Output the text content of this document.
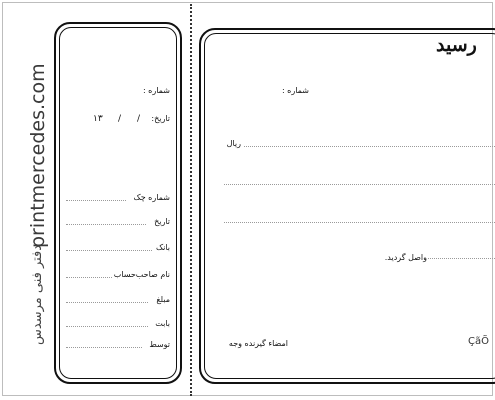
printmercedes.com
دفتر فنی مرسدس
شماره :
تاریخ:
/
/
۱۳
شماره چک
تاریخ
بانک
نام صاحب‌حساب
مبلغ
بابت
توسط
رسید
شماره :
ریال
واصل گردید.
امضاء گیرنده وجه	ÇãÕ
